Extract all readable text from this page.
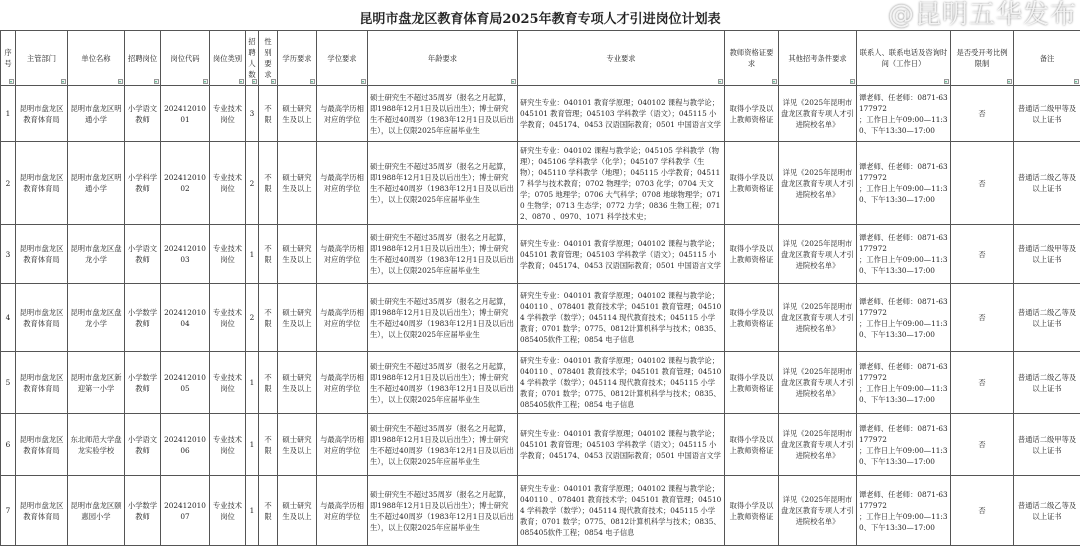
昆明市盘龙区教育体育局2025年教育专项人才引进岗位计划表
序号	主管部门	单位名称	招聘岗位	岗位代码	岗位类别	招聘人数	性别要求	学历要求	学位要求	年龄要求	专业要求	教师资格证要求	其他招考条件要求	联系人、联系电话及咨询时间（工作日）	是否受开考比例限制	备注

1	昆明市盘龙区教育体育局	昆明市盘龙区明通小学	小学语文教师	20241201001	专业技术岗位	3	不限	硕士研究生及以上	与最高学历相对应的学位	硕士研究生不超过35周岁（报名之月起算，即1988年12月1日及以后出生）；博士研究生不超过40周岁（1983年12月1日及以后出生），以上仅限2025年应届毕业生	研究生专业：040101 教育学原理；040102 课程与教学论；045101 教育管理；045103 学科教学（语文）；045115 小学教育；045174、0453 汉语国际教育；0501 中国语言文学	取得小学及以上教师资格证	详见《2025年昆明市盘龙区教育专项人才引进院校名单》	谭老师、任老师：0871-63177972
；工作日上午09:00—11:30、下午13:30—17:00	否	普通话二级甲等及以上证书
2	昆明市盘龙区教育体育局	昆明市盘龙区明通小学	小学科学教师	20241201002	专业技术岗位	2	不限	硕士研究生及以上	与最高学历相对应的学位	硕士研究生不超过35周岁（报名之月起算，即1988年12月1日及以后出生）；博士研究生不超过40周岁（1983年12月1日及以后出生），以上仅限2025年应届毕业生	研究生专业：040102 课程与教学论；045105 学科教学（物理）；045106 学科教学（化学）；045107 学科教学（生物）；045110 学科教学（地理）；045115 小学教育；045117 科学与技术教育；0702 物理学；0703 化学；0704 天文学；0705 地理学；0706 大气科学；0708 地球物理学；0710 生物学；0713 生态学；0772 力学；0836 生物工程；0712、0870 、0970、1071 科学技术史；	取得小学及以上教师资格证	详见《2025年昆明市盘龙区教育专项人才引进院校名单》	谭老师、任老师：0871-63177972
；工作日上午09:00—11:30、下午13:30—17:00	否	普通话二级乙等及以上证书
3	昆明市盘龙区教育体育局	昆明市盘龙区盘龙小学	小学语文教师	20241201003	专业技术岗位	1	不限	硕士研究生及以上	与最高学历相对应的学位	硕士研究生不超过35周岁（报名之月起算，即1988年12月1日及以后出生）；博士研究生不超过40周岁（1983年12月1日及以后出生），以上仅限2025年应届毕业生	研究生专业：040101 教育学原理；040102 课程与教学论；045101 教育管理；045103 学科教学（语文）；045115 小学教育；045174、0453 汉语国际教育；0501 中国语言文学	取得小学及以上教师资格证	详见《2025年昆明市盘龙区教育专项人才引进院校名单》	谭老师、任老师：0871-63177972
；工作日上午09:00—11:30、下午13:30—17:00	否	普通话二级甲等及以上证书
4	昆明市盘龙区教育体育局	昆明市盘龙区盘龙小学	小学数学教师	20241201004	专业技术岗位	2	不限	硕士研究生及以上	与最高学历相对应的学位	硕士研究生不超过35周岁（报名之月起算，即1988年12月1日及以后出生）；博士研究生不超过40周岁（1983年12月1日及以后出生），以上仅限2025年应届毕业生	研究生专业：040101 教育学原理；040102 课程与教学论；040110 、078401 教育技术学；045101 教育管理；045104 学科教学（数学）；045114 现代教育技术；045115 小学教育；0701 数学；0775、0812计算机科学与技术；0835、085405软件工程；0854 电子信息	取得小学及以上教师资格证	详见《2025年昆明市盘龙区教育专项人才引进院校名单》	谭老师、任老师：0871-63177972
；工作日上午09:00—11:30、下午13:30—17:00	否	普通话二级乙等及以上证书
5	昆明市盘龙区教育体育局	昆明市盘龙区新迎第一小学	小学数学教师	20241201005	专业技术岗位	1	不限	硕士研究生及以上	与最高学历相对应的学位	硕士研究生不超过35周岁（报名之月起算，即1988年12月1日及以后出生）；博士研究生不超过40周岁（1983年12月1日及以后出生），以上仅限2025年应届毕业生	研究生专业：040101 教育学原理；040102 课程与教学论；040110 、078401 教育技术学；045101 教育管理；045104 学科教学（数学）；045114 现代教育技术；045115 小学教育；0701 数学；0775、0812计算机科学与技术；0835、085405软件工程；0854 电子信息	取得小学及以上教师资格证	详见《2025年昆明市盘龙区教育专项人才引进院校名单》	谭老师、任老师：0871-63177972
；工作日上午09:00—11:30、下午13:30—17:00	否	普通话二级乙等及以上证书
6	昆明市盘龙区教育体育局	东北师范大学盘龙实验学校	小学语文教师	20241201006	专业技术岗位	1	不限	硕士研究生及以上	与最高学历相对应的学位	硕士研究生不超过35周岁（报名之月起算，即1988年12月1日及以后出生）；博士研究生不超过40周岁（1983年12月1日及以后出生），以上仅限2025年应届毕业生	研究生专业：040101 教育学原理；040102 课程与教学论；045101 教育管理；045103 学科教学（语文）；045115 小学教育；045174、0453 汉语国际教育；0501 中国语言文学	取得小学及以上教师资格证	详见《2025年昆明市盘龙区教育专项人才引进院校名单》	谭老师、任老师：0871-63177972
；工作日上午09:00—11:30、下午13:30—17:00	否	普通话二级甲等及以上证书
7	昆明市盘龙区教育体育局	昆明市盘龙区颐惠园小学	小学数学教师	20241201007	专业技术岗位	1	不限	硕士研究生及以上	与最高学历相对应的学位	硕士研究生不超过35周岁（报名之月起算，即1988年12月1日及以后出生）；博士研究生不超过40周岁（1983年12月1日及以后出生），以上仅限2025年应届毕业生	研究生专业：040101 教育学原理；040102 课程与教学论；040110 、078401 教育技术学；045101 教育管理；045104 学科教学（数学）；045114 现代教育技术；045115 小学教育；0701 数学；0775、0812计算机科学与技术；0835、085405软件工程；0854 电子信息	取得小学及以上教师资格证	详见《2025年昆明市盘龙区教育专项人才引进院校名单》	谭老师、任老师：0871-63177972
；工作日上午09:00—11:30、下午13:30—17:00	否	普通话二级乙等及以上证书
@昆明五华发布
